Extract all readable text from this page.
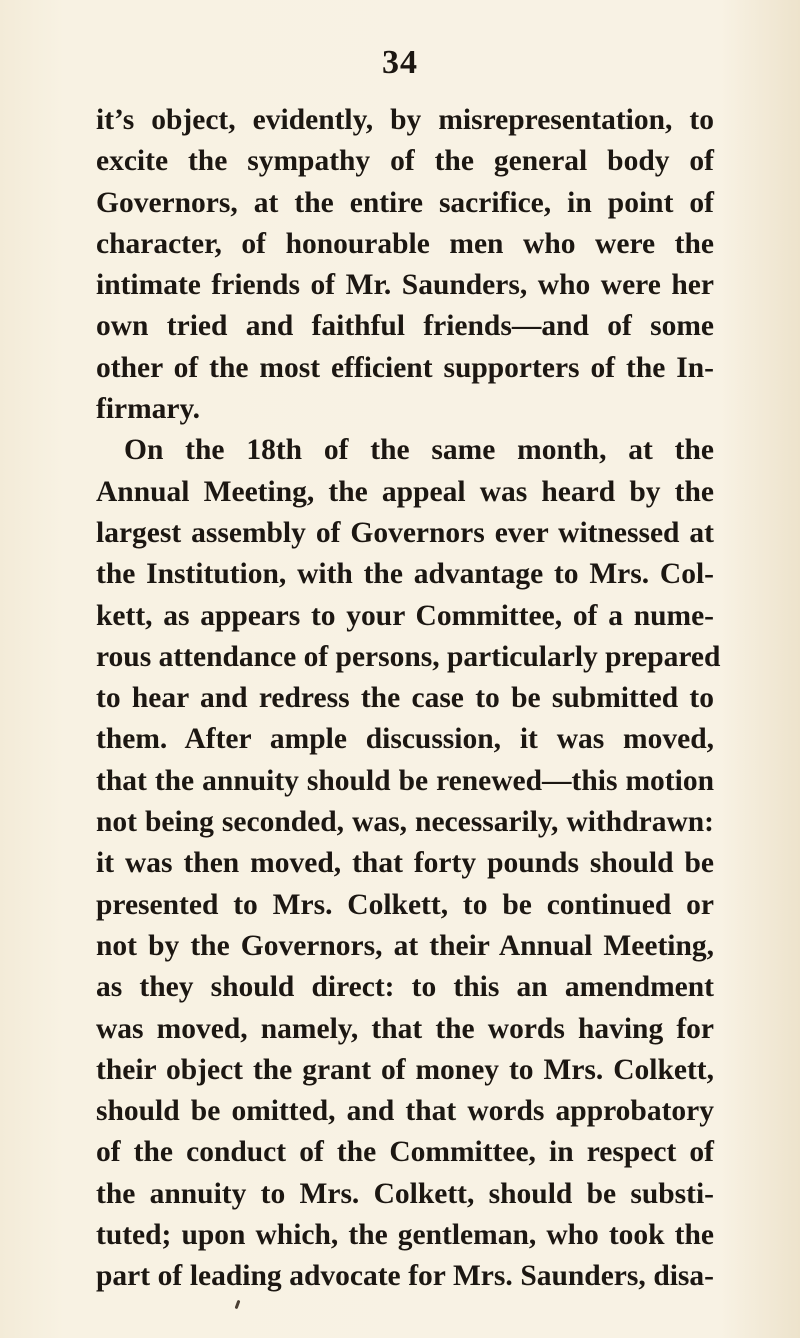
34
it’s object, evidently, by misrepresentation, to
excite the sympathy of the general body of
Governors, at the entire sacrifice, in point of
character, of honourable men who were the
intimate friends of Mr. Saunders, who were her
own tried and faithful friends—and of some
other of the most efficient supporters of the In-
firmary.
On the 18th of the same month, at the
Annual Meeting, the appeal was heard by the
largest assembly of Governors ever witnessed at
the Institution, with the advantage to Mrs. Col-
kett, as appears to your Committee, of a nume-
rous attendance of persons, particularly prepared
to hear and redress the case to be submitted to
them. After ample discussion, it was moved,
that the annuity should be renewed—this motion
not being seconded, was, necessarily, withdrawn:
it was then moved, that forty pounds should be
presented to Mrs. Colkett, to be continued or
not by the Governors, at their Annual Meeting,
as they should direct: to this an amendment
was moved, namely, that the words having for
their object the grant of money to Mrs. Colkett,
should be omitted, and that words approbatory
of the conduct of the Committee, in respect of
the annuity to Mrs. Colkett, should be substi-
tuted; upon which, the gentleman, who took the
part of leading advocate for Mrs. Saunders, disa-
